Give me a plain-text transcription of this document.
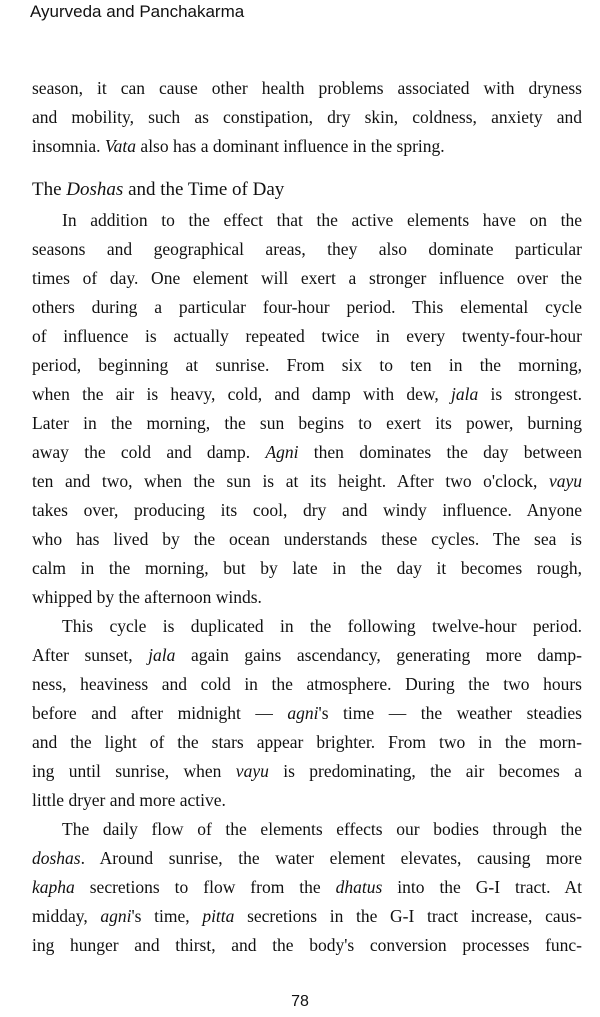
Ayurveda and Panchakarma
season, it can cause other health problems associated with dryness
and mobility, such as constipation, dry skin, coldness, anxiety and
insomnia. Vata also has a dominant influence in the spring.
The Doshas and the Time of Day
In addition to the effect that the active elements have on the
seasons and geographical areas, they also dominate particular
times of day. One element will exert a stronger influence over the
others during a particular four-hour period. This elemental cycle
of influence is actually repeated twice in every twenty-four-hour
period, beginning at sunrise. From six to ten in the morning,
when the air is heavy, cold, and damp with dew, jala is strongest.
Later in the morning, the sun begins to exert its power, burning
away the cold and damp. Agni then dominates the day between
ten and two, when the sun is at its height. After two o'clock, vayu
takes over, producing its cool, dry and windy influence. Anyone
who has lived by the ocean understands these cycles. The sea is
calm in the morning, but by late in the day it becomes rough,
whipped by the afternoon winds.
This cycle is duplicated in the following twelve-hour period.
After sunset, jala again gains ascendancy, generating more damp-
ness, heaviness and cold in the atmosphere. During the two hours
before and after midnight — agni's time — the weather steadies
and the light of the stars appear brighter. From two in the morn-
ing until sunrise, when vayu is predominating, the air becomes a
little dryer and more active.
The daily flow of the elements effects our bodies through the
doshas. Around sunrise, the water element elevates, causing more
kapha secretions to flow from the dhatus into the G-I tract. At
midday, agni's time, pitta secretions in the G-I tract increase, caus-
ing hunger and thirst, and the body's conversion processes func-
78
